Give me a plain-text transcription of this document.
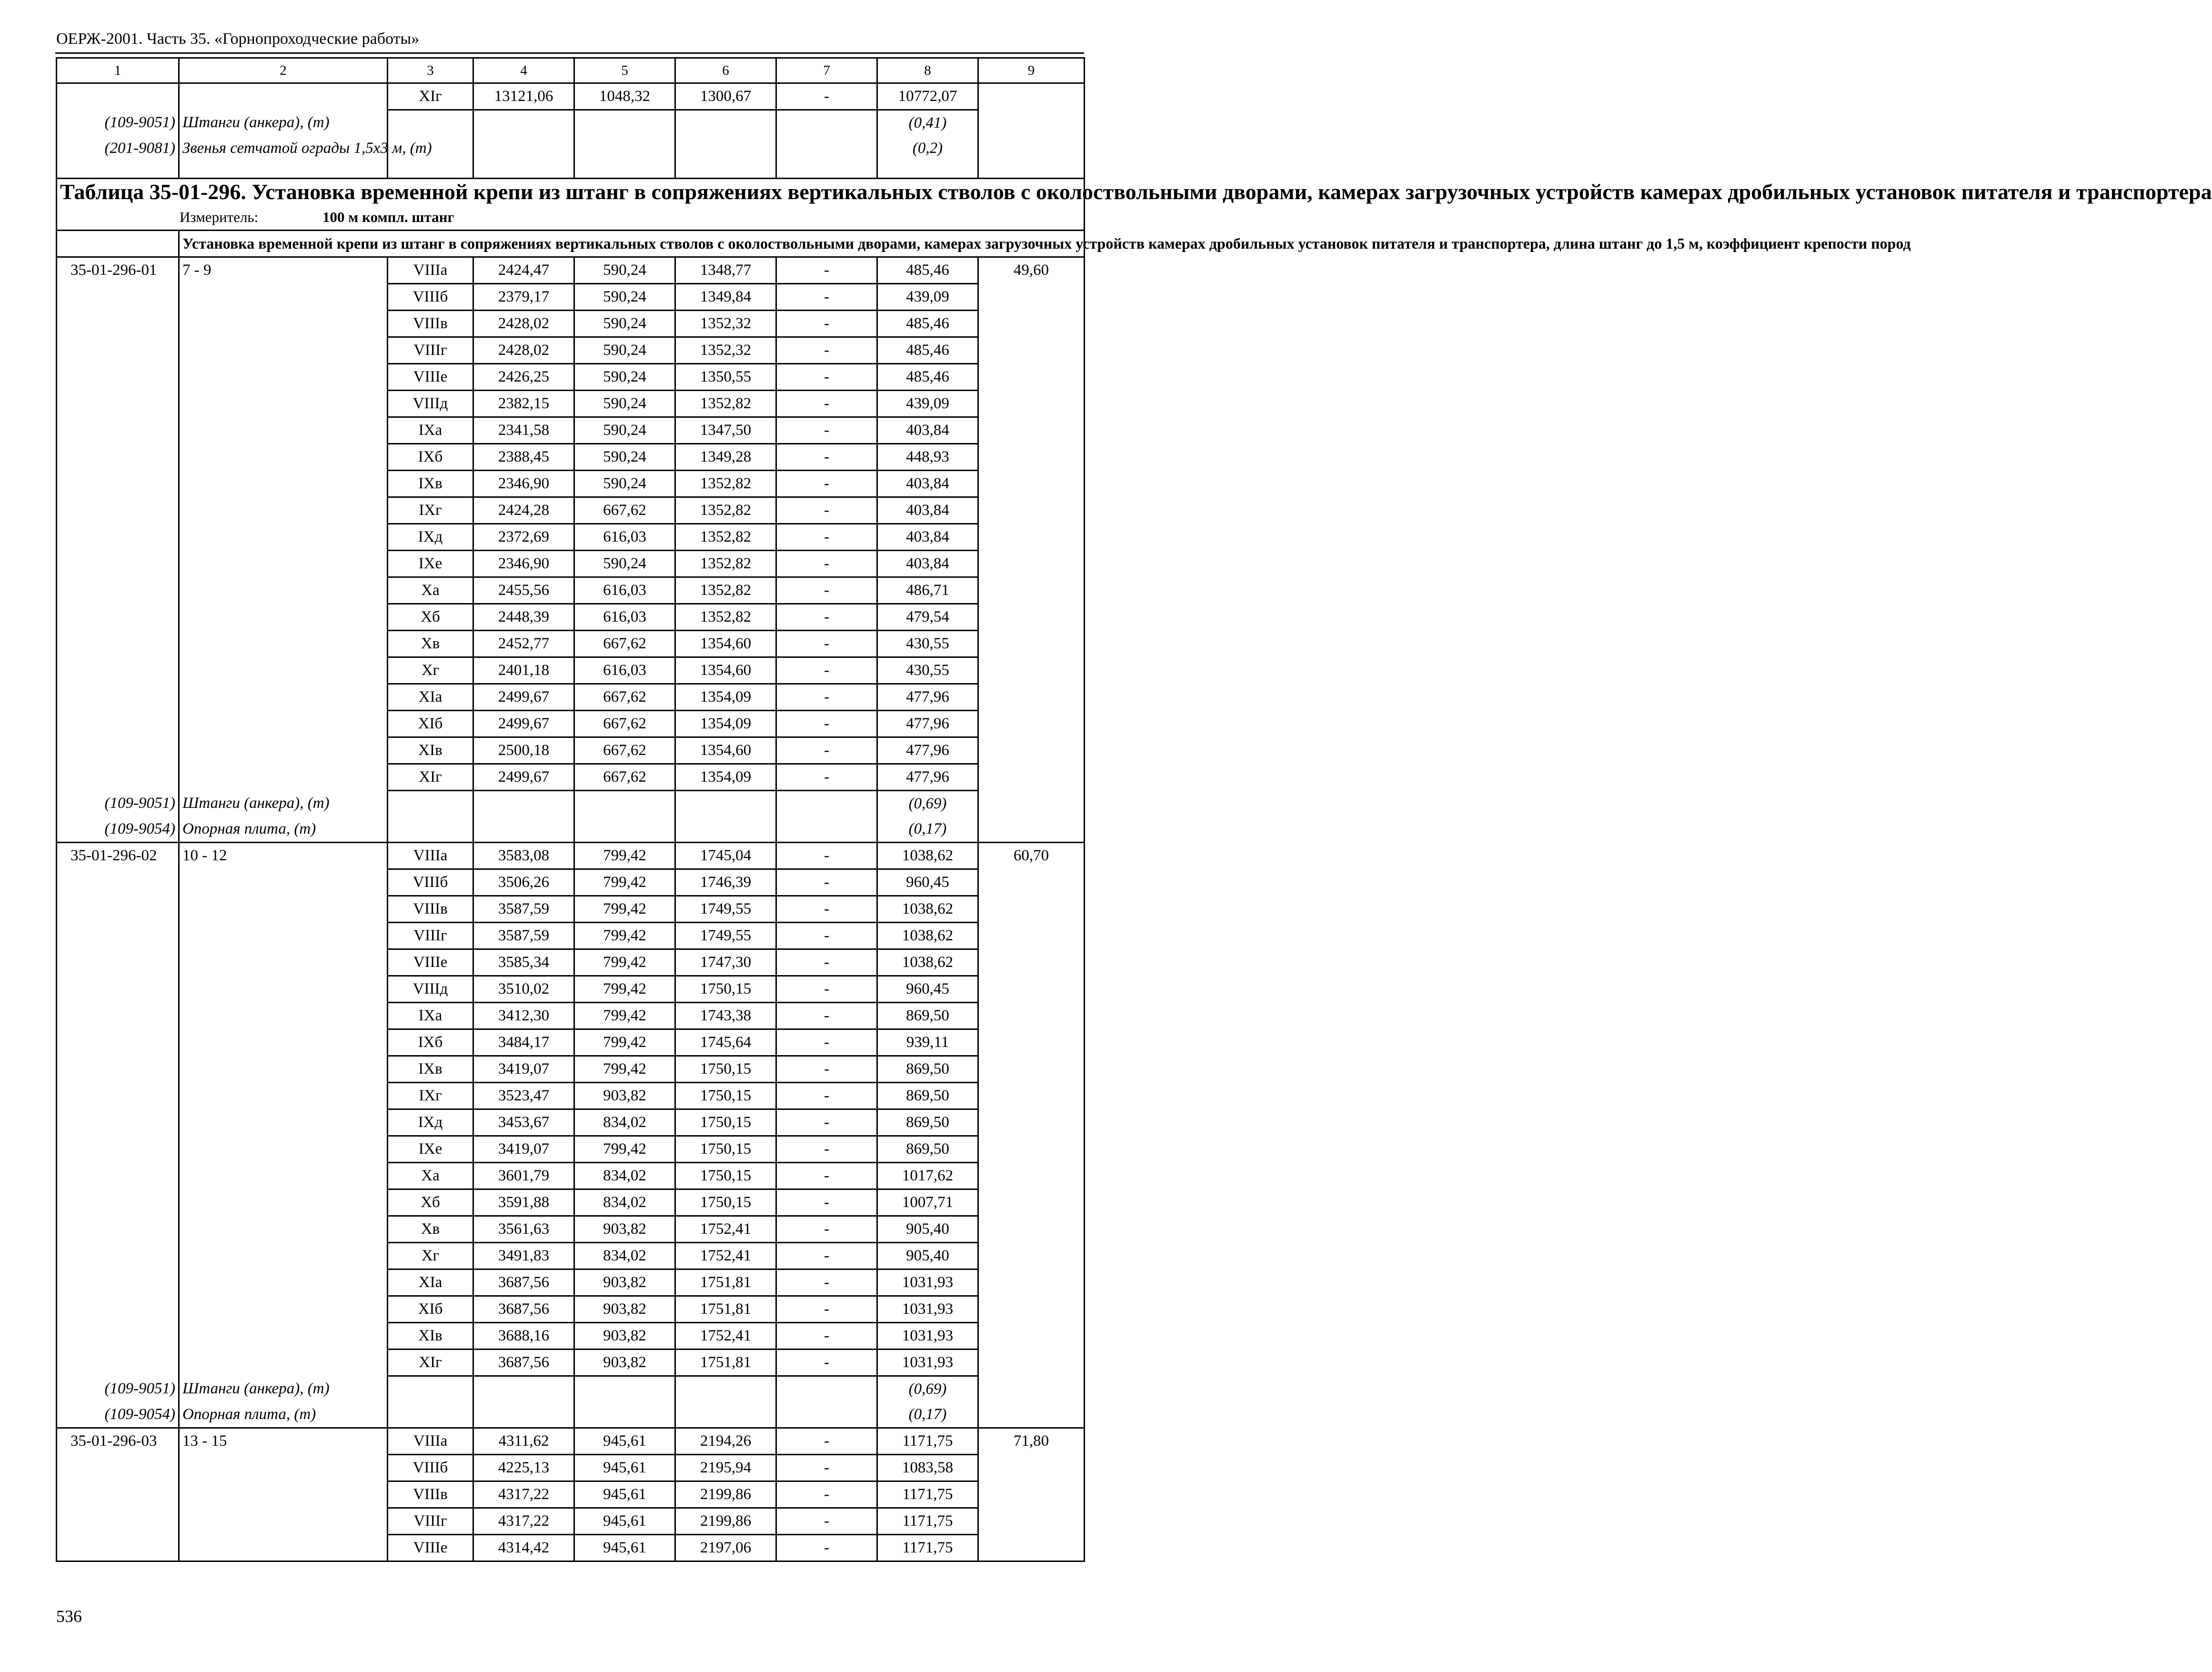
ОЕРЖ-2001. Часть 35. «Горнопроходческие работы»
1	2	3	4	5	6	7	8	9
		XIг	13121,06	1048,32	1300,67	-	10772,07	
(109-9051)	Штанги (анкера), (т)						(0,41)	
(201-9081)	Звенья сетчатой ограды 1,5х3 м, (т)						(0,2)	
Таблица 35-01-296. Установка временной крепи из штанг в сопряжениях вертикальных стволов с околоствольными дворами, камерах загрузочных устройств камерах дробильных установок питателя и транспортера								
Измеритель: 100 м компл. штанг								
	Установка временной крепи из штанг в сопряжениях вертикальных стволов с околоствольными дворами, камерах загрузочных устройств камерах дробильных установок питателя и транспортера, длина штанг до 1,5 м, коэффициент крепости пород							
35-01-296-01	7 - 9	VIIIа	2424,47	590,24	1348,77	-	485,46	49,60
		VIIIб	2379,17	590,24	1349,84	-	439,09	
		VIIIв	2428,02	590,24	1352,32	-	485,46	
		VIIIг	2428,02	590,24	1352,32	-	485,46	
		VIIIе	2426,25	590,24	1350,55	-	485,46	
		VIIIд	2382,15	590,24	1352,82	-	439,09	
		IXа	2341,58	590,24	1347,50	-	403,84	
		IXб	2388,45	590,24	1349,28	-	448,93	
		IXв	2346,90	590,24	1352,82	-	403,84	
		IXг	2424,28	667,62	1352,82	-	403,84	
		IXд	2372,69	616,03	1352,82	-	403,84	
		IXе	2346,90	590,24	1352,82	-	403,84	
		Xа	2455,56	616,03	1352,82	-	486,71	
		Xб	2448,39	616,03	1352,82	-	479,54	
		Xв	2452,77	667,62	1354,60	-	430,55	
		Xг	2401,18	616,03	1354,60	-	430,55	
		XIа	2499,67	667,62	1354,09	-	477,96	
		XIб	2499,67	667,62	1354,09	-	477,96	
		XIв	2500,18	667,62	1354,60	-	477,96	
		XIг	2499,67	667,62	1354,09	-	477,96	
(109-9051)	Штанги (анкера), (т)						(0,69)	
(109-9054)	Опорная плита, (т)						(0,17)	
35-01-296-02	10 - 12	VIIIа	3583,08	799,42	1745,04	-	1038,62	60,70
		VIIIб	3506,26	799,42	1746,39	-	960,45	
		VIIIв	3587,59	799,42	1749,55	-	1038,62	
		VIIIг	3587,59	799,42	1749,55	-	1038,62	
		VIIIе	3585,34	799,42	1747,30	-	1038,62	
		VIIIд	3510,02	799,42	1750,15	-	960,45	
		IXа	3412,30	799,42	1743,38	-	869,50	
		IXб	3484,17	799,42	1745,64	-	939,11	
		IXв	3419,07	799,42	1750,15	-	869,50	
		IXг	3523,47	903,82	1750,15	-	869,50	
		IXд	3453,67	834,02	1750,15	-	869,50	
		IXе	3419,07	799,42	1750,15	-	869,50	
		Xа	3601,79	834,02	1750,15	-	1017,62	
		Xб	3591,88	834,02	1750,15	-	1007,71	
		Xв	3561,63	903,82	1752,41	-	905,40	
		Xг	3491,83	834,02	1752,41	-	905,40	
		XIа	3687,56	903,82	1751,81	-	1031,93	
		XIб	3687,56	903,82	1751,81	-	1031,93	
		XIв	3688,16	903,82	1752,41	-	1031,93	
		XIг	3687,56	903,82	1751,81	-	1031,93	
(109-9051)	Штанги (анкера), (т)						(0,69)	
(109-9054)	Опорная плита, (т)						(0,17)	
35-01-296-03	13 - 15	VIIIа	4311,62	945,61	2194,26	-	1171,75	71,80
		VIIIб	4225,13	945,61	2195,94	-	1083,58	
		VIIIв	4317,22	945,61	2199,86	-	1171,75	
		VIIIг	4317,22	945,61	2199,86	-	1171,75	
		VIIIе	4314,42	945,61	2197,06	-	1171,75	
536
